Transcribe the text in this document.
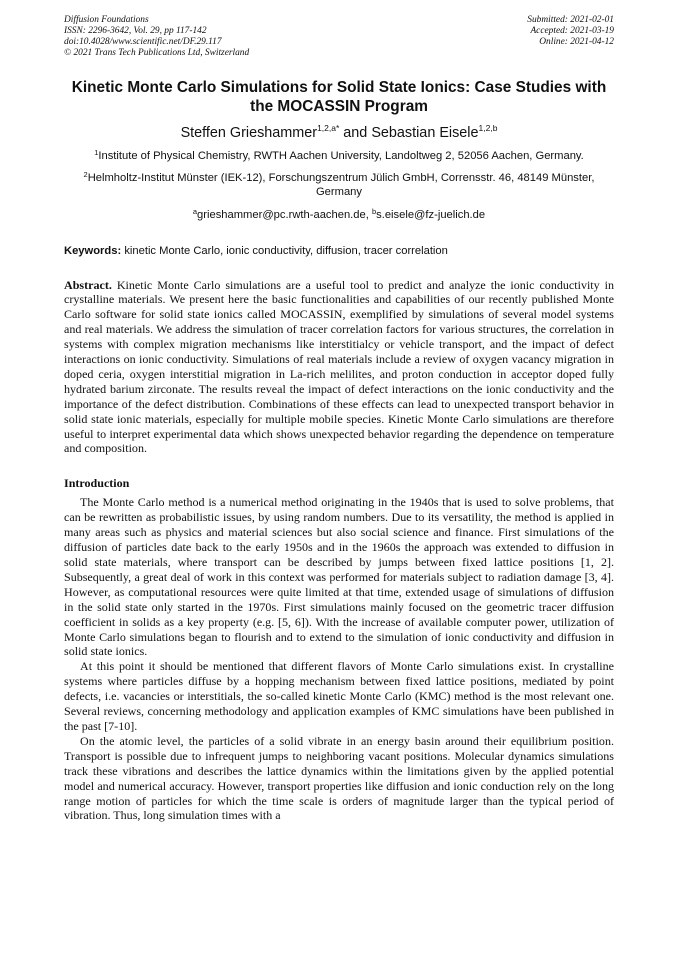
Diffusion Foundations
ISSN: 2296-3642, Vol. 29, pp 117-142
doi:10.4028/www.scientific.net/DF.29.117
© 2021 Trans Tech Publications Ltd, Switzerland
Submitted: 2021-02-01
Accepted: 2021-03-19
Online: 2021-04-12
Kinetic Monte Carlo Simulations for Solid State Ionics: Case Studies with the MOCASSIN Program
Steffen Grieshammer$^{1,2,a*}$ and Sebastian Eisele$^{1,2,b}$
$^1$Institute of Physical Chemistry, RWTH Aachen University, Landoltweg 2, 52056 Aachen, Germany.
$^2$Helmholtz-Institut Münster (IEK-12), Forschungszentrum Jülich GmbH, Corrensstr. 46, 48149 Münster, Germany
$^a$grieshammer@pc.rwth-aachen.de, $^b$s.eisele@fz-juelich.de
Keywords: kinetic Monte Carlo, ionic conductivity, diffusion, tracer correlation
Abstract. Kinetic Monte Carlo simulations are a useful tool to predict and analyze the ionic conductivity in crystalline materials. We present here the basic functionalities and capabilities of our recently published Monte Carlo software for solid state ionics called MOCASSIN, exemplified by simulations of several model systems and real materials. We address the simulation of tracer correlation factors for various structures, the correlation in systems with complex migration mechanisms like interstitialcy or vehicle transport, and the impact of defect interactions on ionic conductivity. Simulations of real materials include a review of oxygen vacancy migration in doped ceria, oxygen interstitial migration in La-rich melilites, and proton conduction in acceptor doped fully hydrated barium zirconate. The results reveal the impact of defect interactions on the ionic conductivity and the importance of the defect distribution. Combinations of these effects can lead to unexpected transport behavior in solid state ionic materials, especially for multiple mobile species. Kinetic Monte Carlo simulations are therefore useful to interpret experimental data which shows unexpected behavior regarding the dependence on temperature and composition.
Introduction
The Monte Carlo method is a numerical method originating in the 1940s that is used to solve problems, that can be rewritten as probabilistic issues, by using random numbers. Due to its versatility, the method is applied in many areas such as physics and material sciences but also social science and finance. First simulations of the diffusion of particles date back to the early 1950s and in the 1960s the approach was extended to diffusion in solid state materials, where transport can be described by jumps between fixed lattice positions [1, 2]. Subsequently, a great deal of work in this context was performed for materials subject to radiation damage [3, 4]. However, as computational resources were quite limited at that time, extended usage of simulations of diffusion in the solid state only started in the 1970s. First simulations mainly focused on the geometric tracer diffusion coefficient in solids as a key property (e.g. [5, 6]). With the increase of available computer power, utilization of Monte Carlo simulations began to flourish and to extend to the simulation of ionic conductivity and diffusion in solid state ionics.
At this point it should be mentioned that different flavors of Monte Carlo simulations exist. In crystalline systems where particles diffuse by a hopping mechanism between fixed lattice positions, mediated by point defects, i.e. vacancies or interstitials, the so-called kinetic Monte Carlo (KMC) method is the most relevant one. Several reviews, concerning methodology and application examples of KMC simulations have been published in the past [7-10].
On the atomic level, the particles of a solid vibrate in an energy basin around their equilibrium position. Transport is possible due to infrequent jumps to neighboring vacant positions. Molecular dynamics simulations track these vibrations and describes the lattice dynamics within the limitations given by the applied potential model and numerical accuracy. However, transport properties like diffusion and ionic conduction rely on the long range motion of particles for which the time scale is orders of magnitude larger than the typical period of vibration. Thus, long simulation times with a
